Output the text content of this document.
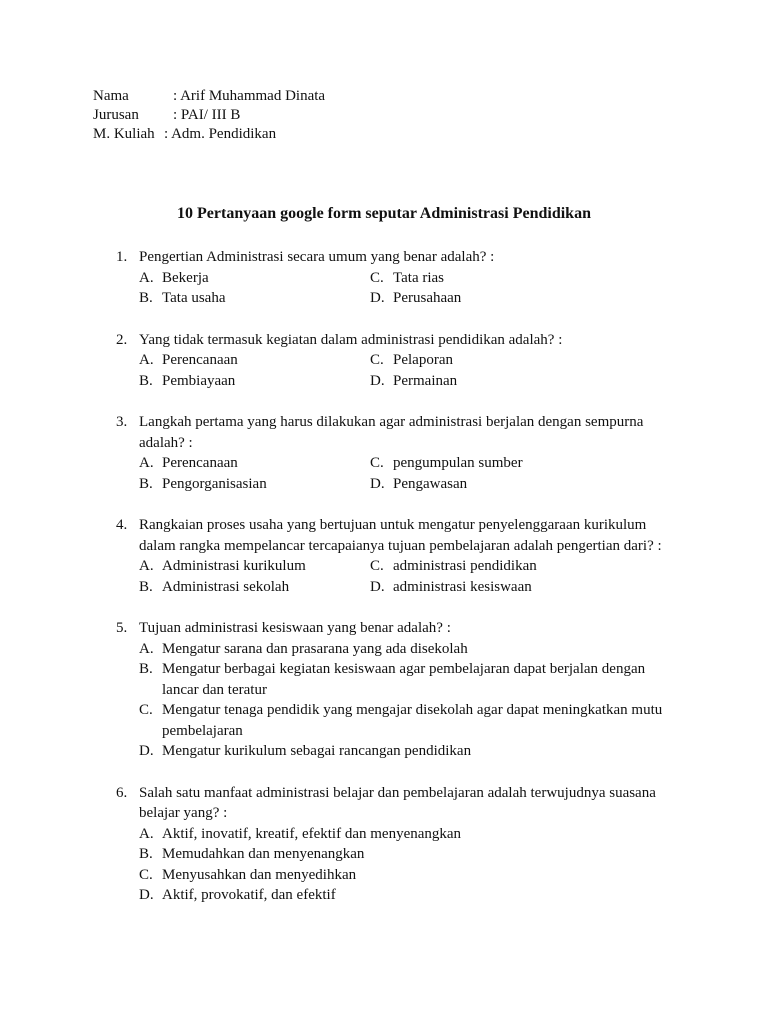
Nama	: Arif Muhammad Dinata
Jurusan	: PAI/ III B
M. Kuliah : Adm. Pendidikan
10 Pertanyaan google form seputar Administrasi Pendidikan
1. Pengertian Administrasi secara umum yang benar adalah? :
A. Bekerja	C. Tata rias
B. Tata usaha	D. Perusahaan
2. Yang tidak termasuk kegiatan dalam administrasi pendidikan adalah? :
A. Perencanaan	C. Pelaporan
B. Pembiayaan	D. Permainan
3. Langkah pertama yang harus dilakukan agar administrasi berjalan dengan sempurna adalah? :
A. Perencanaan	C. pengumpulan sumber
B. Pengorganisasian	D. Pengawasan
4. Rangkaian proses usaha yang bertujuan untuk mengatur penyelenggaraan kurikulum dalam rangka mempelancar tercapaianya tujuan pembelajaran adalah pengertian dari? :
A. Administrasi kurikulum	C. administrasi pendidikan
B. Administrasi sekolah	D. administrasi kesiswaan
5. Tujuan administrasi kesiswaan yang benar adalah? :
A. Mengatur sarana dan prasarana yang ada disekolah
B. Mengatur berbagai kegiatan kesiswaan agar pembelajaran dapat berjalan dengan lancar dan teratur
C. Mengatur tenaga pendidik yang mengajar disekolah agar dapat meningkatkan mutu pembelajaran
D. Mengatur kurikulum sebagai rancangan pendidikan
6. Salah satu manfaat administrasi belajar dan pembelajaran adalah terwujudnya suasana belajar yang? :
A. Aktif, inovatif, kreatif, efektif dan menyenangkan
B. Memudahkan dan menyenangkan
C. Menyusahkan dan menyedihkan
D. Aktif, provokatif, dan efektif
